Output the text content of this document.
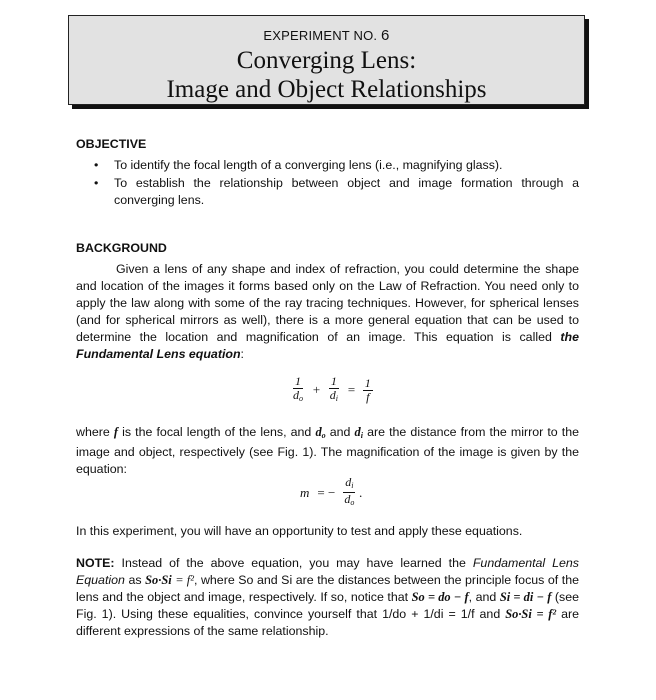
EXPERIMENT NO. 6
Converging Lens:
Image and Object Relationships
OBJECTIVE
• To identify the focal length of a converging lens (i.e., magnifying glass).
• To establish the relationship between object and image formation through a converging lens.
BACKGROUND
Given a lens of any shape and index of refraction, you could determine the shape and location of the images it forms based only on the Law of Refraction. You need only to apply the law along with some of the ray tracing techniques. However, for spherical lenses (and for spherical mirrors as well), there is a more general equation that can be used to determine the location and magnification of an image. This equation is called the Fundamental Lens equation:
$\frac{1}{d_o} + \frac{1}{d_i} = \frac{1}{f}$
where f is the focal length of the lens, and $d_o$ and $d_i$ are the distance from the mirror to the image and object, respectively (see Fig. 1). The magnification of the image is given by the equation:
m = − $\frac{d_i}{d_o}$ .
In this experiment, you will have an opportunity to test and apply these equations.
NOTE: Instead of the above equation, you may have learned the Fundamental Lens Equation as So·Si = f², where So and Si are the distances between the principle focus of the lens and the object and image, respectively. If so, notice that So = do − f, and Si = di − f (see Fig. 1). Using these equalities, convince yourself that 1/do + 1/di = 1/f and So·Si = f² are different expressions of the same relationship.
